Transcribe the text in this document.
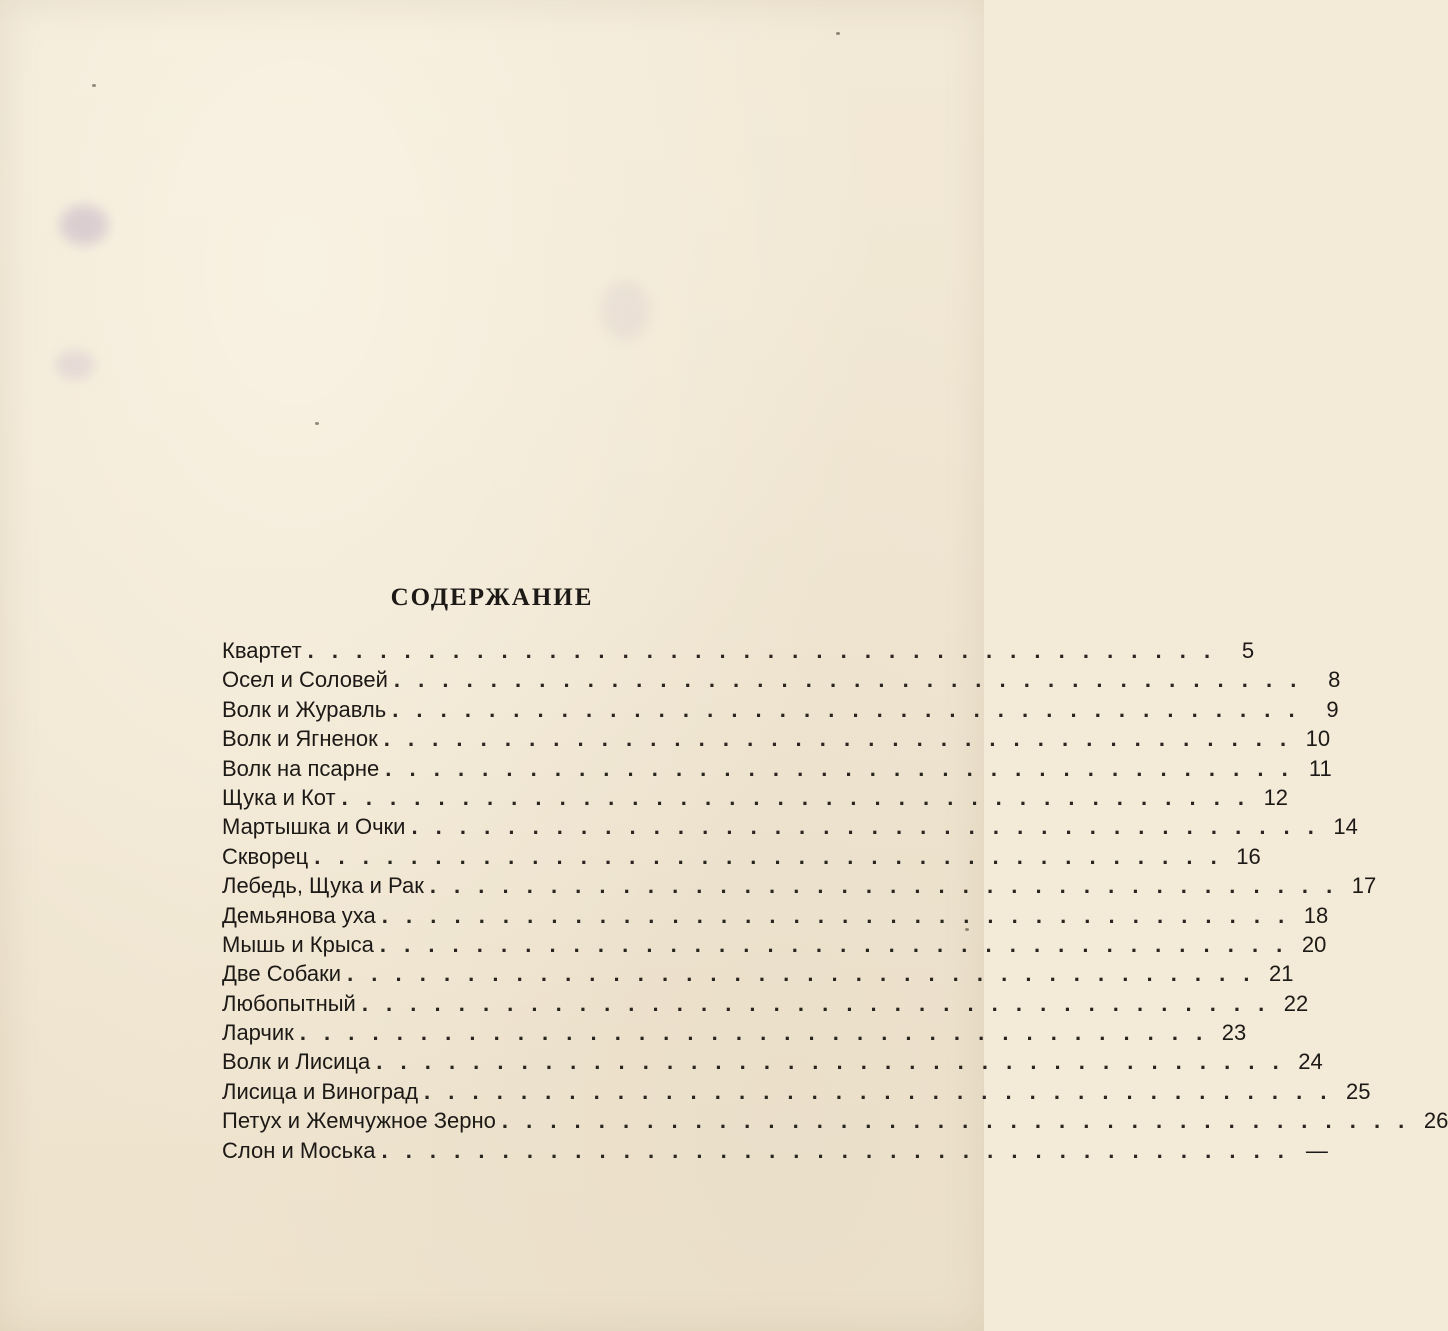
СОДЕРЖАНИЕ
Квартет . . . . . . . . . . . . . . . . . . . . . . . . . . . . . . . . . . . . . .	5
Осел и Соловей . . . . . . . . . . . . . . . . . . . . . . . . . . . . . . . . . . . . . .	8
Волк и Журавль . . . . . . . . . . . . . . . . . . . . . . . . . . . . . . . . . . . . . .	9
Волк и Ягненок . . . . . . . . . . . . . . . . . . . . . . . . . . . . . . . . . . . . . . 10
Волк на псарне . . . . . . . . . . . . . . . . . . . . . . . . . . . . . . . . . . . . . . 11
Щука и Кот . . . . . . . . . . . . . . . . . . . . . . . . . . . . . . . . . . . . . . 12
Мартышка и Очки . . . . . . . . . . . . . . . . . . . . . . . . . . . . . . . . . . . . . . 14
Скворец . . . . . . . . . . . . . . . . . . . . . . . . . . . . . . . . . . . . . . 16
Лебедь, Щука и Рак . . . . . . . . . . . . . . . . . . . . . . . . . . . . . . . . . . . . . . 17
Демьянова уха . . . . . . . . . . . . . . . . . . . . . . . . . . . . . . . . . . . . . . 18
Мышь и Крыса . . . . . . . . . . . . . . . . . . . . . . . . . . . . . . . . . . . . . . 20
Две Собаки . . . . . . . . . . . . . . . . . . . . . . . . . . . . . . . . . . . . . . 21
Любопытный . . . . . . . . . . . . . . . . . . . . . . . . . . . . . . . . . . . . . . 22
Ларчик . . . . . . . . . . . . . . . . . . . . . . . . . . . . . . . . . . . . . . 23
Волк и Лисица . . . . . . . . . . . . . . . . . . . . . . . . . . . . . . . . . . . . . . 24
Лисица и Виноград . . . . . . . . . . . . . . . . . . . . . . . . . . . . . . . . . . . . . . 25
Петух и Жемчужное Зерно . . . . . . . . . . . . . . . . . . . . . . . . . . . . . . . . . . . . . . 26
Слон и Моська . . . . . . . . . . . . . . . . . . . . . . . . . . . . . . . . . . . . . . —
